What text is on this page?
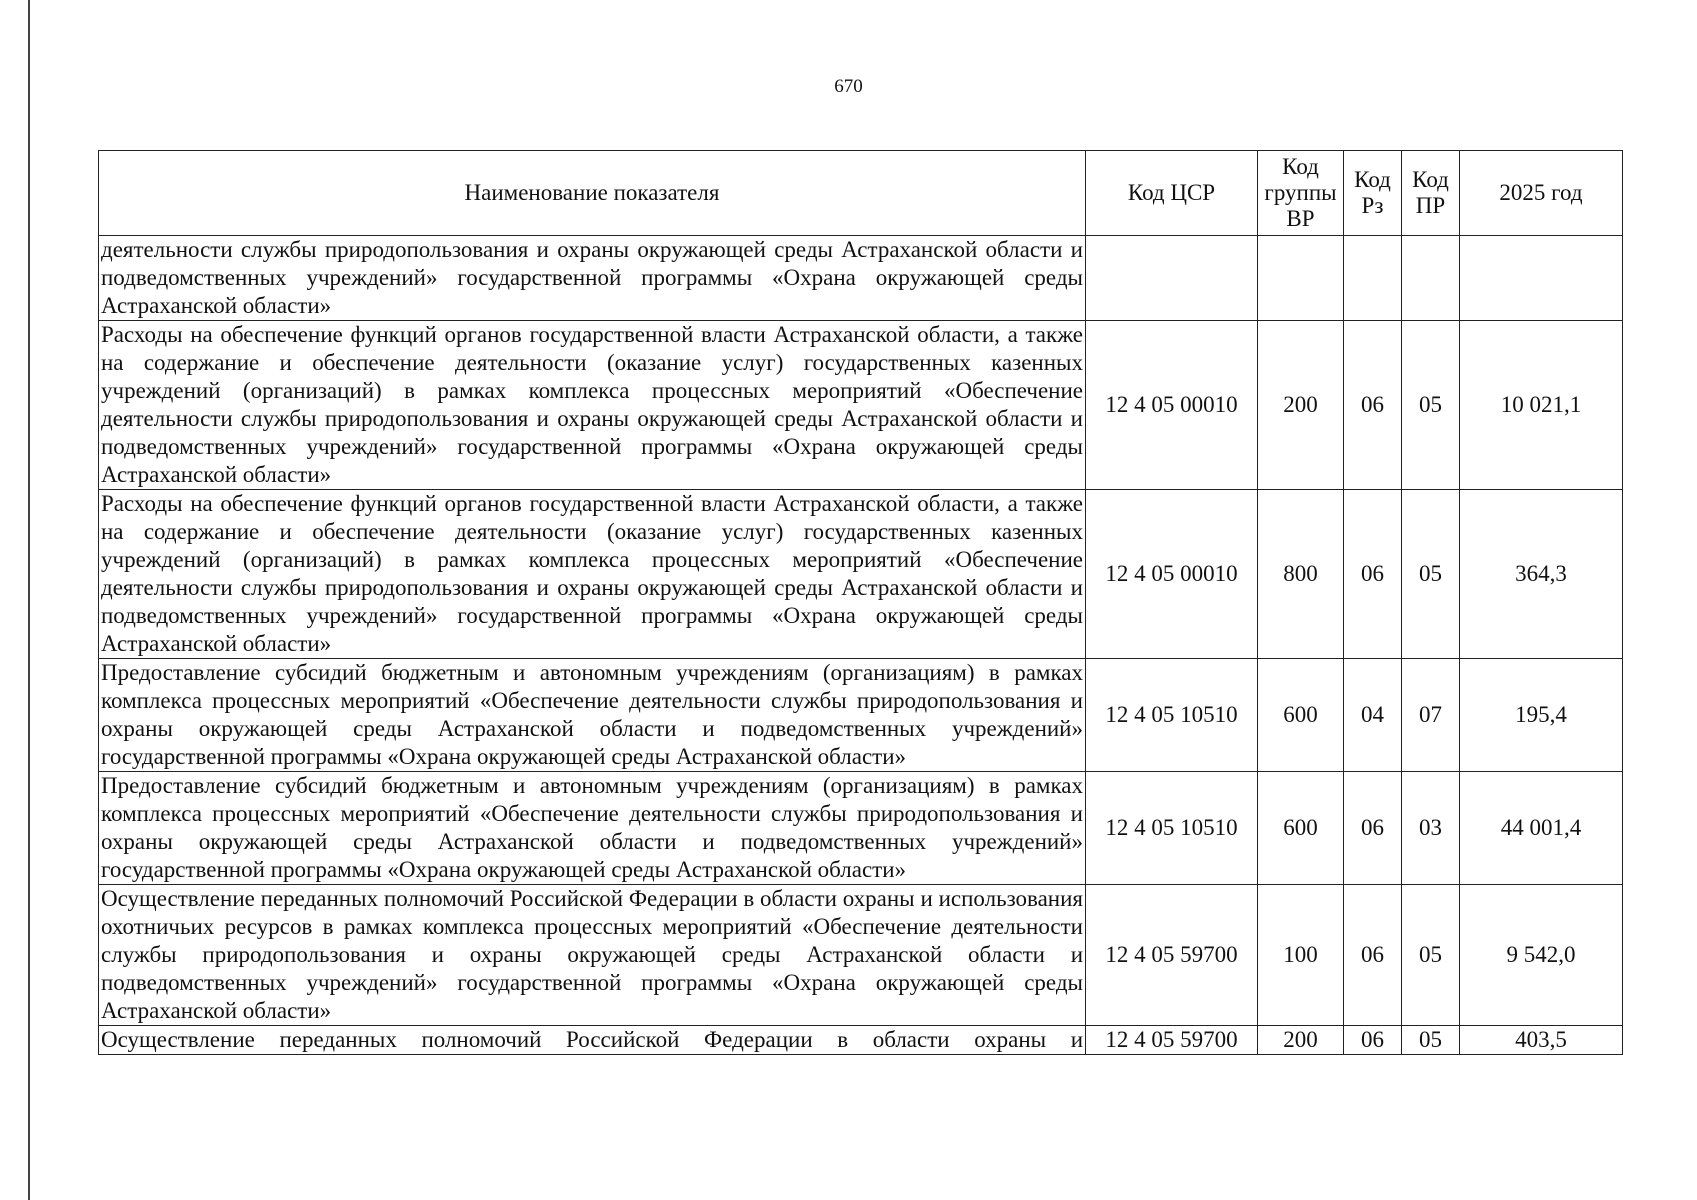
670
Наименование показателя	Код ЦСР	Код группы ВР	Код Рз	Код ПР	2025 год
деятельности службы природопользования и охраны окружающей среды Астраханской области и подведомственных учреждений» государственной программы «Охрана окружающей среды Астраханской области»					
Расходы на обеспечение функций органов государственной власти Астраханской области, а также на содержание и обеспечение деятельности (оказание услуг) государственных казенных учреждений (организаций) в рамках комплекса процессных мероприятий «Обеспечение деятельности службы природопользования и охраны окружающей среды Астраханской области и подведомственных учреждений» государственной программы «Охрана окружающей среды Астраханской области»	12 4 05 00010	200	06	05	10 021,1
Расходы на обеспечение функций органов государственной власти Астраханской области, а также на содержание и обеспечение деятельности (оказание услуг) государственных казенных учреждений (организаций) в рамках комплекса процессных мероприятий «Обеспечение деятельности службы природопользования и охраны окружающей среды Астраханской области и подведомственных учреждений» государственной программы «Охрана окружающей среды Астраханской области»	12 4 05 00010	800	06	05	364,3
Предоставление субсидий бюджетным и автономным учреждениям (организациям) в рамках комплекса процессных мероприятий «Обеспечение деятельности службы природопользования и охраны окружающей среды Астраханской области и подведомственных учреждений» государственной программы «Охрана окружающей среды Астраханской области»	12 4 05 10510	600	04	07	195,4
Предоставление субсидий бюджетным и автономным учреждениям (организациям) в рамках комплекса процессных мероприятий «Обеспечение деятельности службы природопользования и охраны окружающей среды Астраханской области и подведомственных учреждений» государственной программы «Охрана окружающей среды Астраханской области»	12 4 05 10510	600	06	03	44 001,4
Осуществление переданных полномочий Российской Федерации в области охраны и использования охотничьих ресурсов в рамках комплекса процессных мероприятий «Обеспечение деятельности службы природопользования и охраны окружающей среды Астраханской области и подведомственных учреждений» государственной программы «Охрана окружающей среды Астраханской области»	12 4 05 59700	100	06	05	9 542,0
Осуществление переданных полномочий Российской Федерации в области охраны и	12 4 05 59700	200	06	05	403,5
